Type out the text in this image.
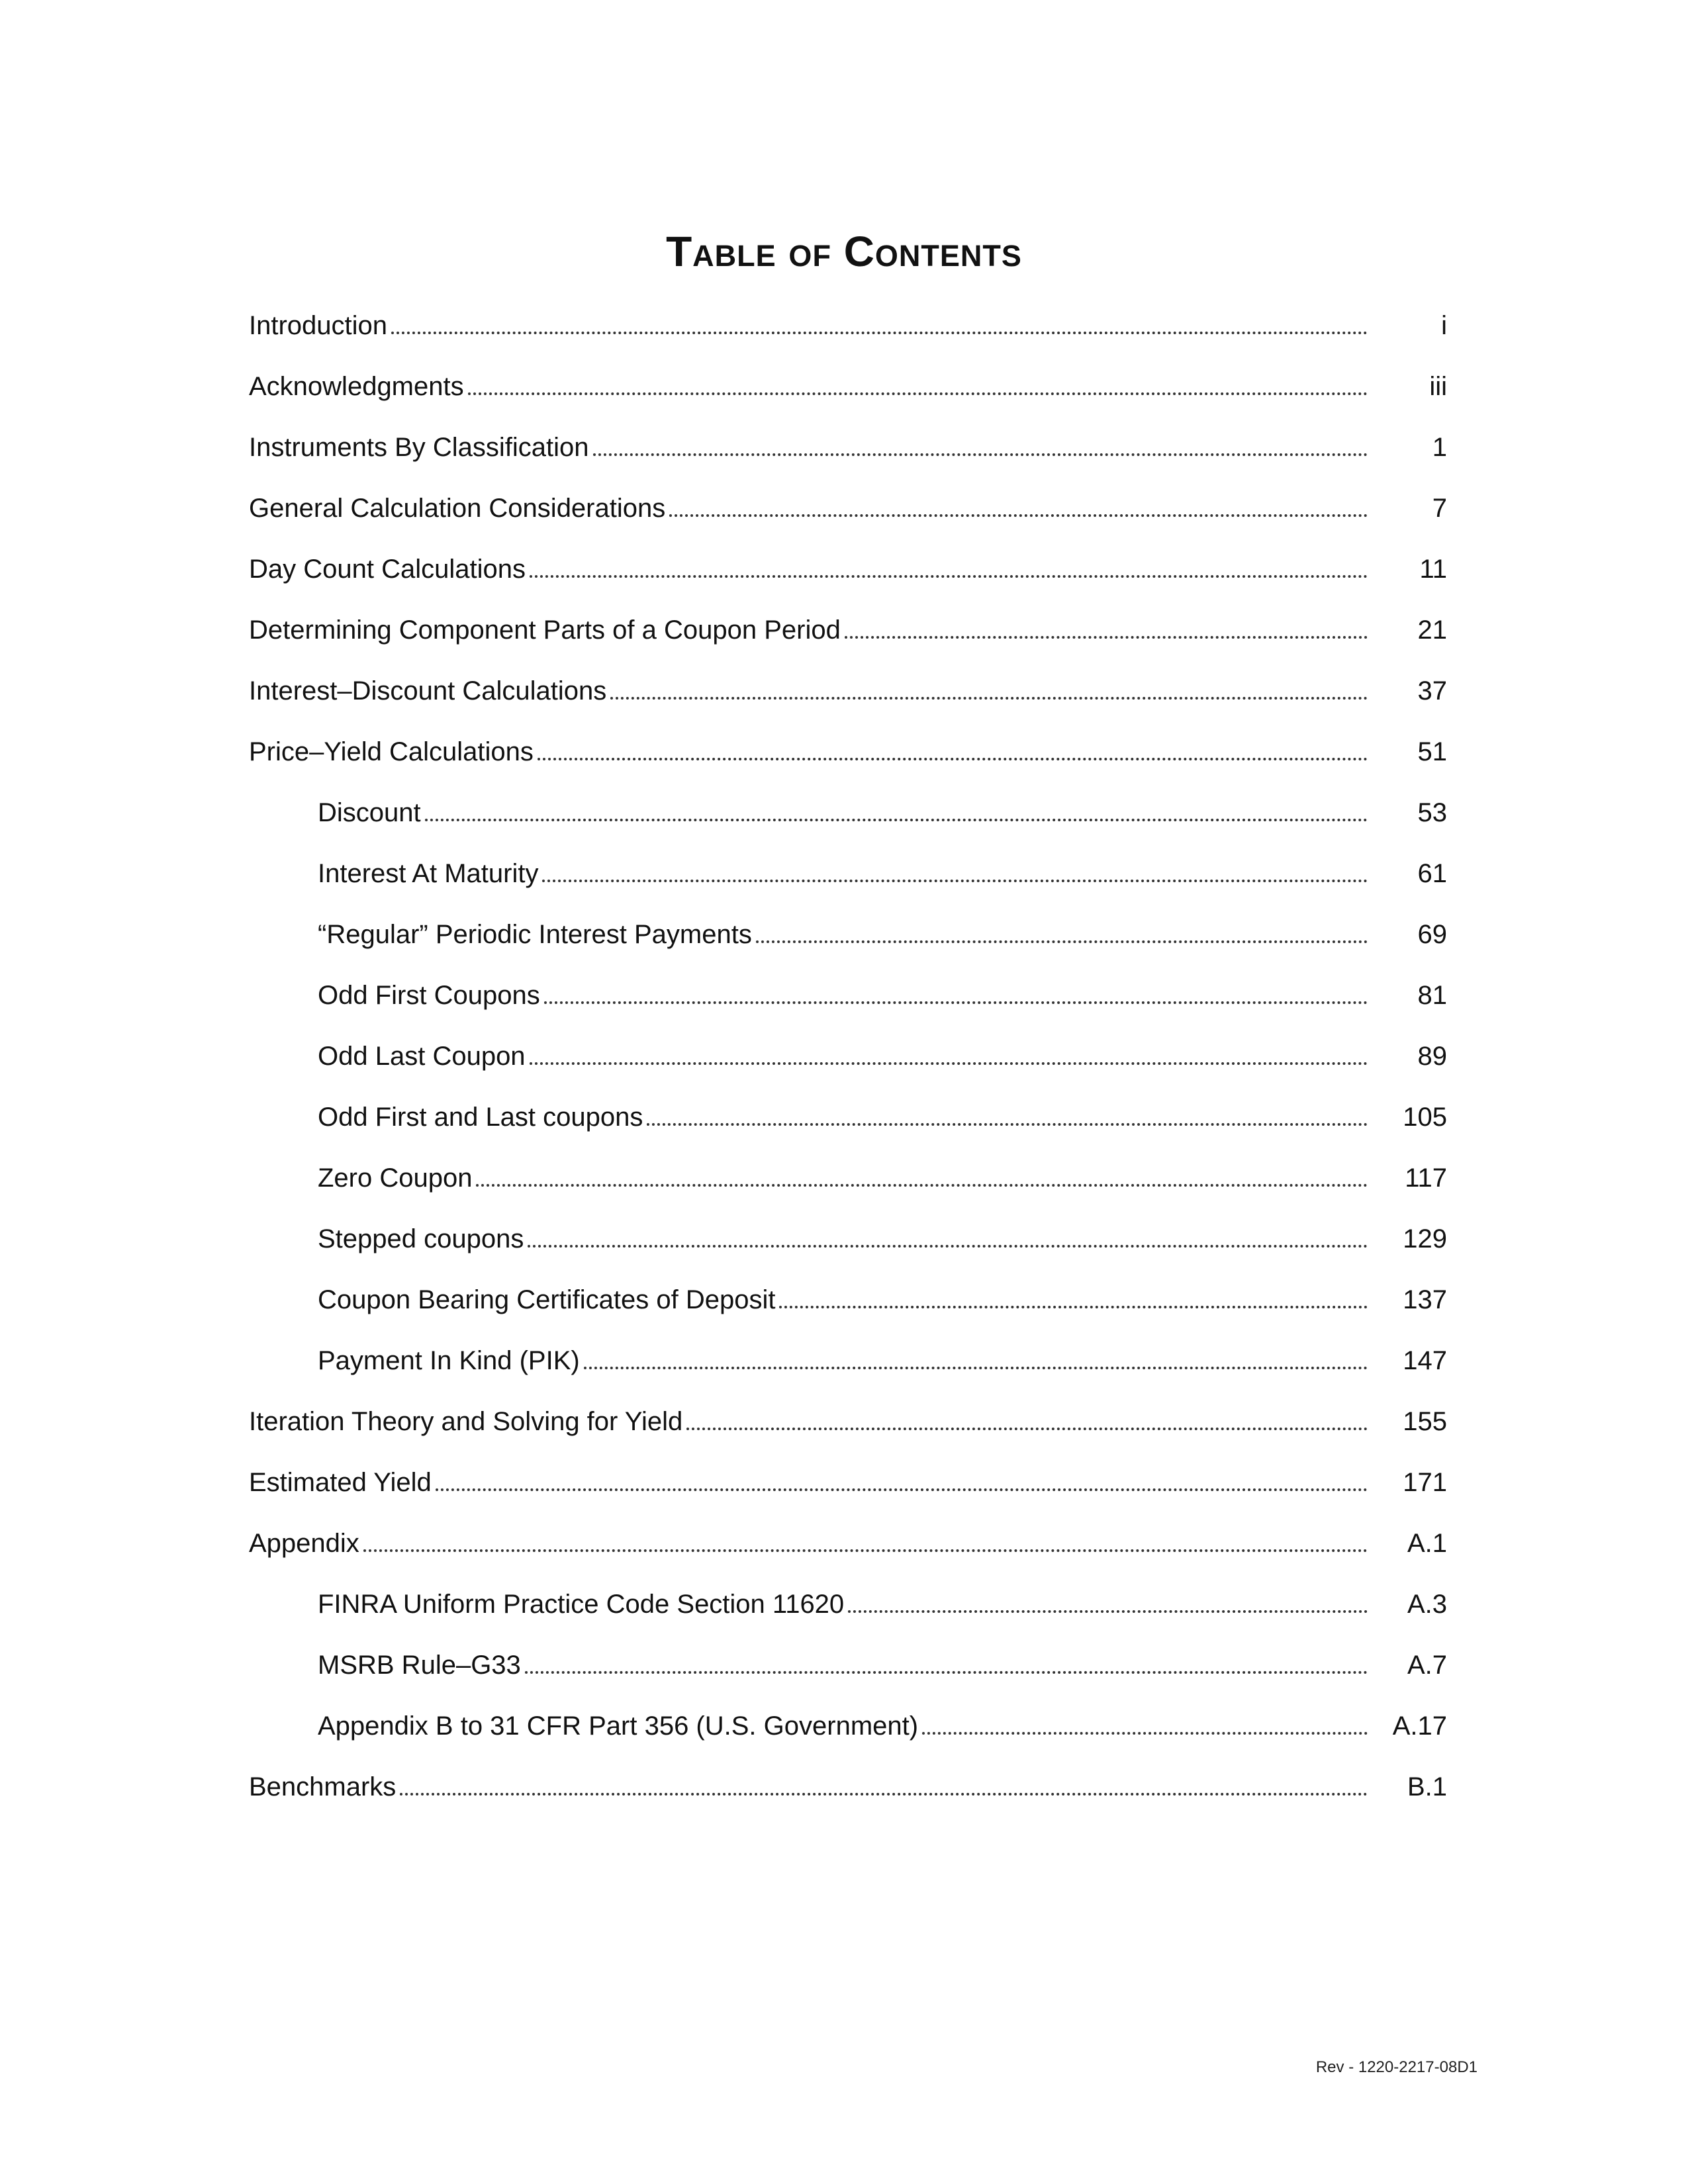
Table of Contents
Introduction	i
Acknowledgments	iii
Instruments By Classification	1
General Calculation Considerations	7
Day Count Calculations	11
Determining Component Parts of a Coupon Period	21
Interest–Discount Calculations	37
Price–Yield Calculations	51
Discount	53
Interest At Maturity	61
“Regular” Periodic Interest Payments	69
Odd First Coupons	81
Odd Last Coupon	89
Odd First and Last coupons	105
Zero Coupon	117
Stepped coupons	129
Coupon Bearing Certificates of Deposit	137
Payment In Kind (PIK)	147
Iteration Theory and Solving for Yield	155
Estimated Yield	171
Appendix	A.1
FINRA Uniform Practice Code Section 11620	A.3
MSRB Rule–G33	A.7
Appendix B to 31 CFR Part 356 (U.S. Government)	A.17
Benchmarks	B.1
Rev - 1220-2217-08D1
